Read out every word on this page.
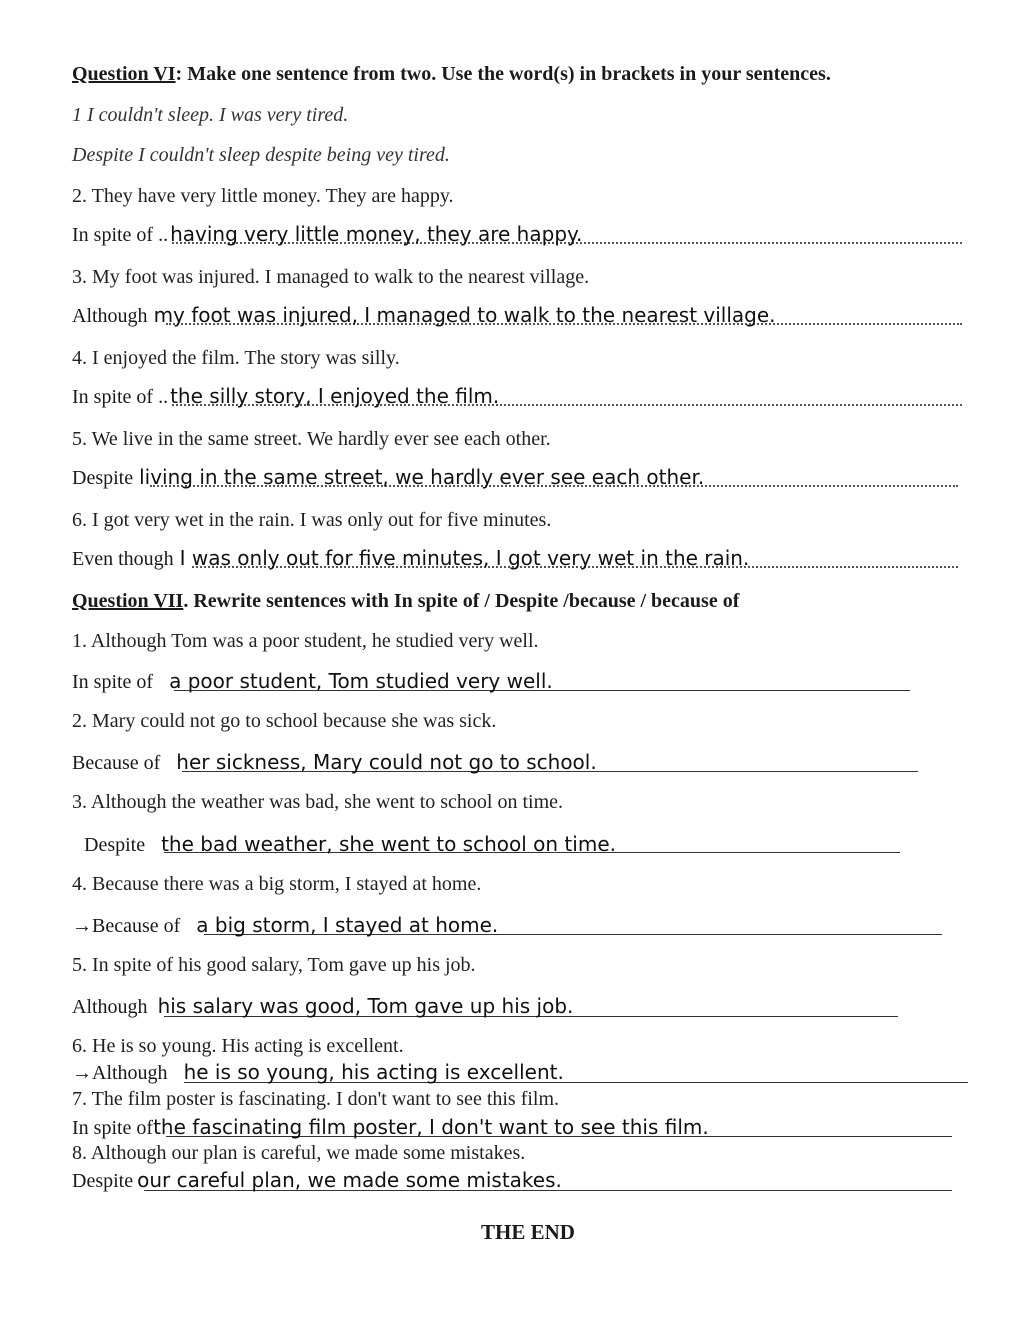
Question VI: Make one sentence from two. Use the word(s) in brackets in your sentences.
1 I couldn't sleep. I was very tired.
Despite I couldn't sleep despite being vey tired.
2. They have very little money. They are happy.
In spite of .. having very little money, they are happy.
3. My foot was injured. I managed to walk to the nearest village.
Although my foot was injured, I managed to walk to the nearest village.
4. I enjoyed the film. The story was silly.
In spite of .. the silly story, I enjoyed the film.
5. We live in the same street. We hardly ever see each other.
Despite living in the same street, we hardly ever see each other.
6. I got very wet in the rain. I was only out for five minutes.
Even though I was only out for five minutes, I got very wet in the rain.
Question VII. Rewrite sentences with In spite of / Despite /because / because of
1. Although Tom was a poor student, he studied very well.
In spite of a poor student, Tom studied very well.
2. Mary could not go to school because she was sick.
Because of her sickness, Mary could not go to school.
3. Although the weather was bad, she went to school on time.
Despite the bad weather, she went to school on time.
4. Because there was a big storm, I stayed at home.
→Because of a big storm, I stayed at home.
5. In spite of his good salary, Tom gave up his job.
Although his salary was good, Tom gave up his job.
6. He is so young. His acting is excellent.
→Although he is so young, his acting is excellent.
7. The film poster is fascinating. I don't want to see this film.
In spite of the fascinating film poster, I don't want to see this film.
8. Although our plan is careful, we made some mistakes.
Despite our careful plan, we made some mistakes.
THE END
